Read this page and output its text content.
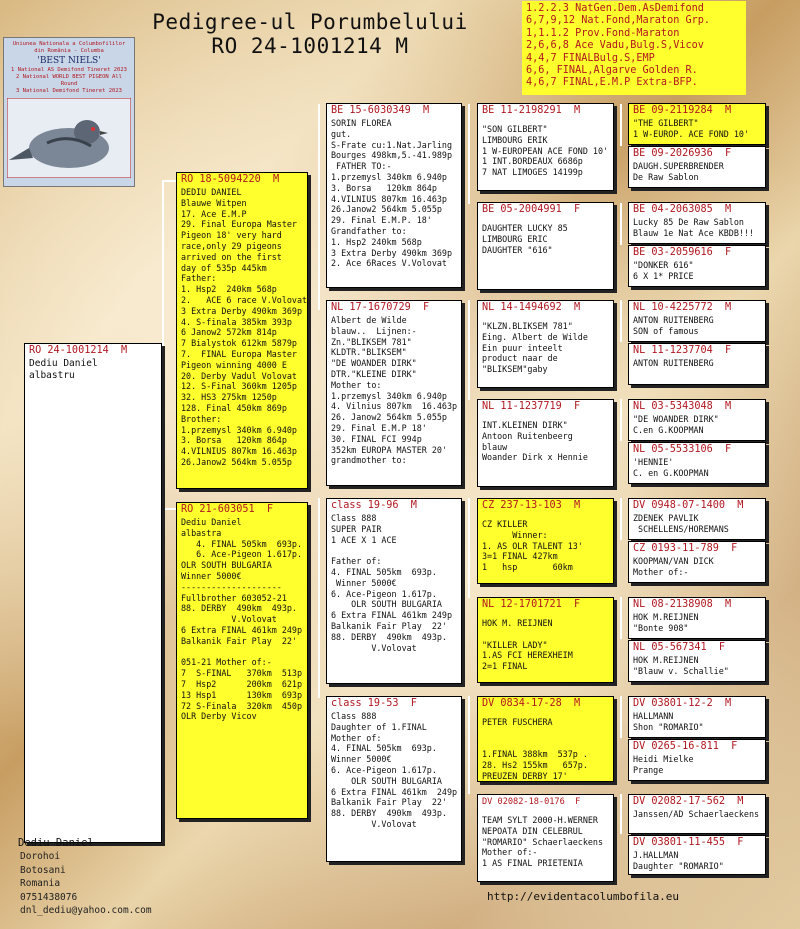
Pedigree-ul Porumbelului
RO 24-1001214 M
1.2.2.3 NatGen.Dem.AsDemifond
6,7,9,12 Nat.Fond,Maraton Grp.
1,1.1.2 Prov.Fond-Maraton
2,6,6,8 Ace Vadu,Bulg.S,Vicov
4,4,7 FINALBulg.S,EMP
6,6, FINAL,Algarve Golden R.
4,6,7 FINAL,E.M.P Extra-BFP.
Uniunea Nationala a Columbofililor din România - Columba
'BEST NIELS'
1 National AS Demifond Tineret 2023
2 National WORLD BEST PIGEON All Round
3 National Demifond Tineret 2023
RO 24-1001214 M
Dediu Daniel
albastru
RO 18-5094220 M
DEDIU DANIEL
Blauwe Witpen
17. Ace E.M.P
29. Final Europa Master
Pigeon 18' very hard
race,only 29 pigeons
arrived on the first
day of 535p 445km
Father:
1. Hsp2  240km 568p
2.   ACE 6 race V.Volovat
3 Extra Derby 490km 369p
4. S-finala 385km 393p
6 Janow2 572km 814p
7 Bialystok 612km 5879p
7.  FINAL Europa Master
Pigeon winning 4000 E
20. Derby Vadul Volovat
12. S-Final 360km 1205p
32. HS3 275km 1250p
128. Final 450km 869p
Brother:
1.przemysl 340km 6.940p
3. Borsa   120km 864p
4.VILNIUS 807km 16.463p
26.Janow2 564km 5.055p
RO 21-603051 F
Dediu Daniel
albastra
4. FINAL 505km  693p.
6. Ace-Pigeon 1.617p.
OLR SOUTH BULGARIA
Winner 5000€
--------------------
Fullbrother 603052-21
88. DERBY  490km  493p.
V.Volovat
6 Extra FINAL 461km 249p
Balkanik Fair Play  22'

051-21 Mother of:-
7  S-FINAL   370km  513p
7  Hsp2      200km  621p
13 Hsp1      130km  693p
72 S-Finala  320km  450p
OLR Derby Vicov
BE 15-6030349 M
SORIN FLOREA
gut.
S-Frate cu:1.Nat.Jarling
Bourges 498km,5.-41.989p
FATHER TO:-
1.przemysl 340km 6.940p
3. Borsa   120km 864p
4.VILNIUS 807km 16.463p
26.Janow2 564km 5.055p
29. Final E.M.P. 18'
Grandfather to:
1. Hsp2 240km 568p
3 Extra Derby 490km 369p
2. Ace 6Races V.Volovat
NL 17-1670729 F
Albert de Wilde
blauw..  Lijnen:-
Zn."BLIKSEM 781"
KLDTR."BLIKSEM"
"DE WOANDER DIRK"
DTR."KLEINE DIRK"
Mother to:
1.przemysl 340km 6.940p
4. Vilnius 807km  16.463p
26. Janow2 564km 5.055p
29. Final E.M.P 18'
30. FINAL FCI 994p
352km EUROPA MASTER 20'
grandmother to:
class 19-96 M
Class 888
SUPER PAIR
1 ACE X 1 ACE

Father of:
4. FINAL 505km  693p.
Winner 5000€
6. Ace-Pigeon 1.617p.
OLR SOUTH BULGARIA
6 Extra FINAL 461km 249p
Balkanik Fair Play  22'
88. DERBY  490km  493p.
V.Volovat
class 19-53 F
Class 888
Daughter of 1.FINAL
Mother of:
4. FINAL 505km  693p.
Winner 5000€
6. Ace-Pigeon 1.617p.
OLR SOUTH BULGARIA
6 Extra FINAL 461km  249p
Balkanik Fair Play  22'
88. DERBY  490km  493p.
V.Volovat
BE 11-2198291 M
"SON GILBERT"
LIMBOURG ERIK
1 W-EUROPEAN ACE FOND 10'
1 INT.BORDEAUX 6686p
7 NAT LIMOGES 14199p
BE 05-2004991 F
DAUGHTER LUCKY 85
LIMBOURG ERIC
DAUGHTER "616"
NL 14-1494692 M
"KLZN.BLIKSEM 781"
Eing. Albert de Wilde
Ein puur inteelt
product naar de
"BLIKSEM"gaby
NL 11-1237719 F
INT.KLEINEN DIRK"
Antoon Ruitenbeerg
blauw
Woander Dirk x Hennie
CZ 237-13-103 M
CZ KILLER
Winner:
1. AS OLR TALENT 13'
3=1 FINAL 427km
1   hsp       60km
NL 12-1701721 F
HOK M. REIJNEN

"KILLER LADY"
1.AS FCI HEREXHEIM
2=1 FINAL
DV 0834-17-28 M
PETER FUSCHERA

1.FINAL 388km  537p .
28. Hs2 155km   657p.
PREUZEN DERBY 17'
DV 02082-18-0176 F
TEAM SYLT 2000-H.WERNER
NEPOATA DIN CELEBRUL
"ROMARIO" Schaerlaeckens
Mother of:-
1 AS FINAL PRIETENIA
BE 09-2119284 M
"THE GILBERT"
1 W-EUROP. ACE FOND 10'
BE 09-2026936 F
DAUGH.SUPERBRENDER
De Raw Sablon
BE 04-2063085 M
Lucky 85 De Raw Sablon
Blauw 1e Nat Ace KBDB!!!
BE 03-2059616 F
"DONKER 616"
6 X 1* PRICE
NL 10-4225772 M
ANTON RUITENBERG
SON of famous
NL 11-1237704 F
ANTON RUITENBERG
NL 03-5343048 M
"DE WOANDER DIRK"
C.en G.KOOPMAN
NL 05-5533106 F
'HENNIE'
C. en G.KOOPMAN
DV 0948-07-1400 M
ZDENEK PAVLIK
SCHELLENS/HOREMANS
CZ 0193-11-789 F
KOOPMAN/VAN DICK
Mother of:-
NL 08-2138908 M
HOK M.REIJNEN
"Bonte 908"
NL 05-567341 F
HOK M.REIJNEN
"Blauw v. Schallie"
DV 03801-12-2 M
HALLMANN
Shon "ROMARIO"
DV 0265-16-811 F
Heidi Mielke
Prange
DV 02082-17-562 M
Janssen/AD Schaerlaeckens
DV 03801-11-455 F
J.HALLMAN
Daughter "ROMARIO"
Dediu Daniel
Dorohoi
Botosani
Romania
0751438076
dnl_dediu@yahoo.com.com
http://evidentacolumbofila.eu
